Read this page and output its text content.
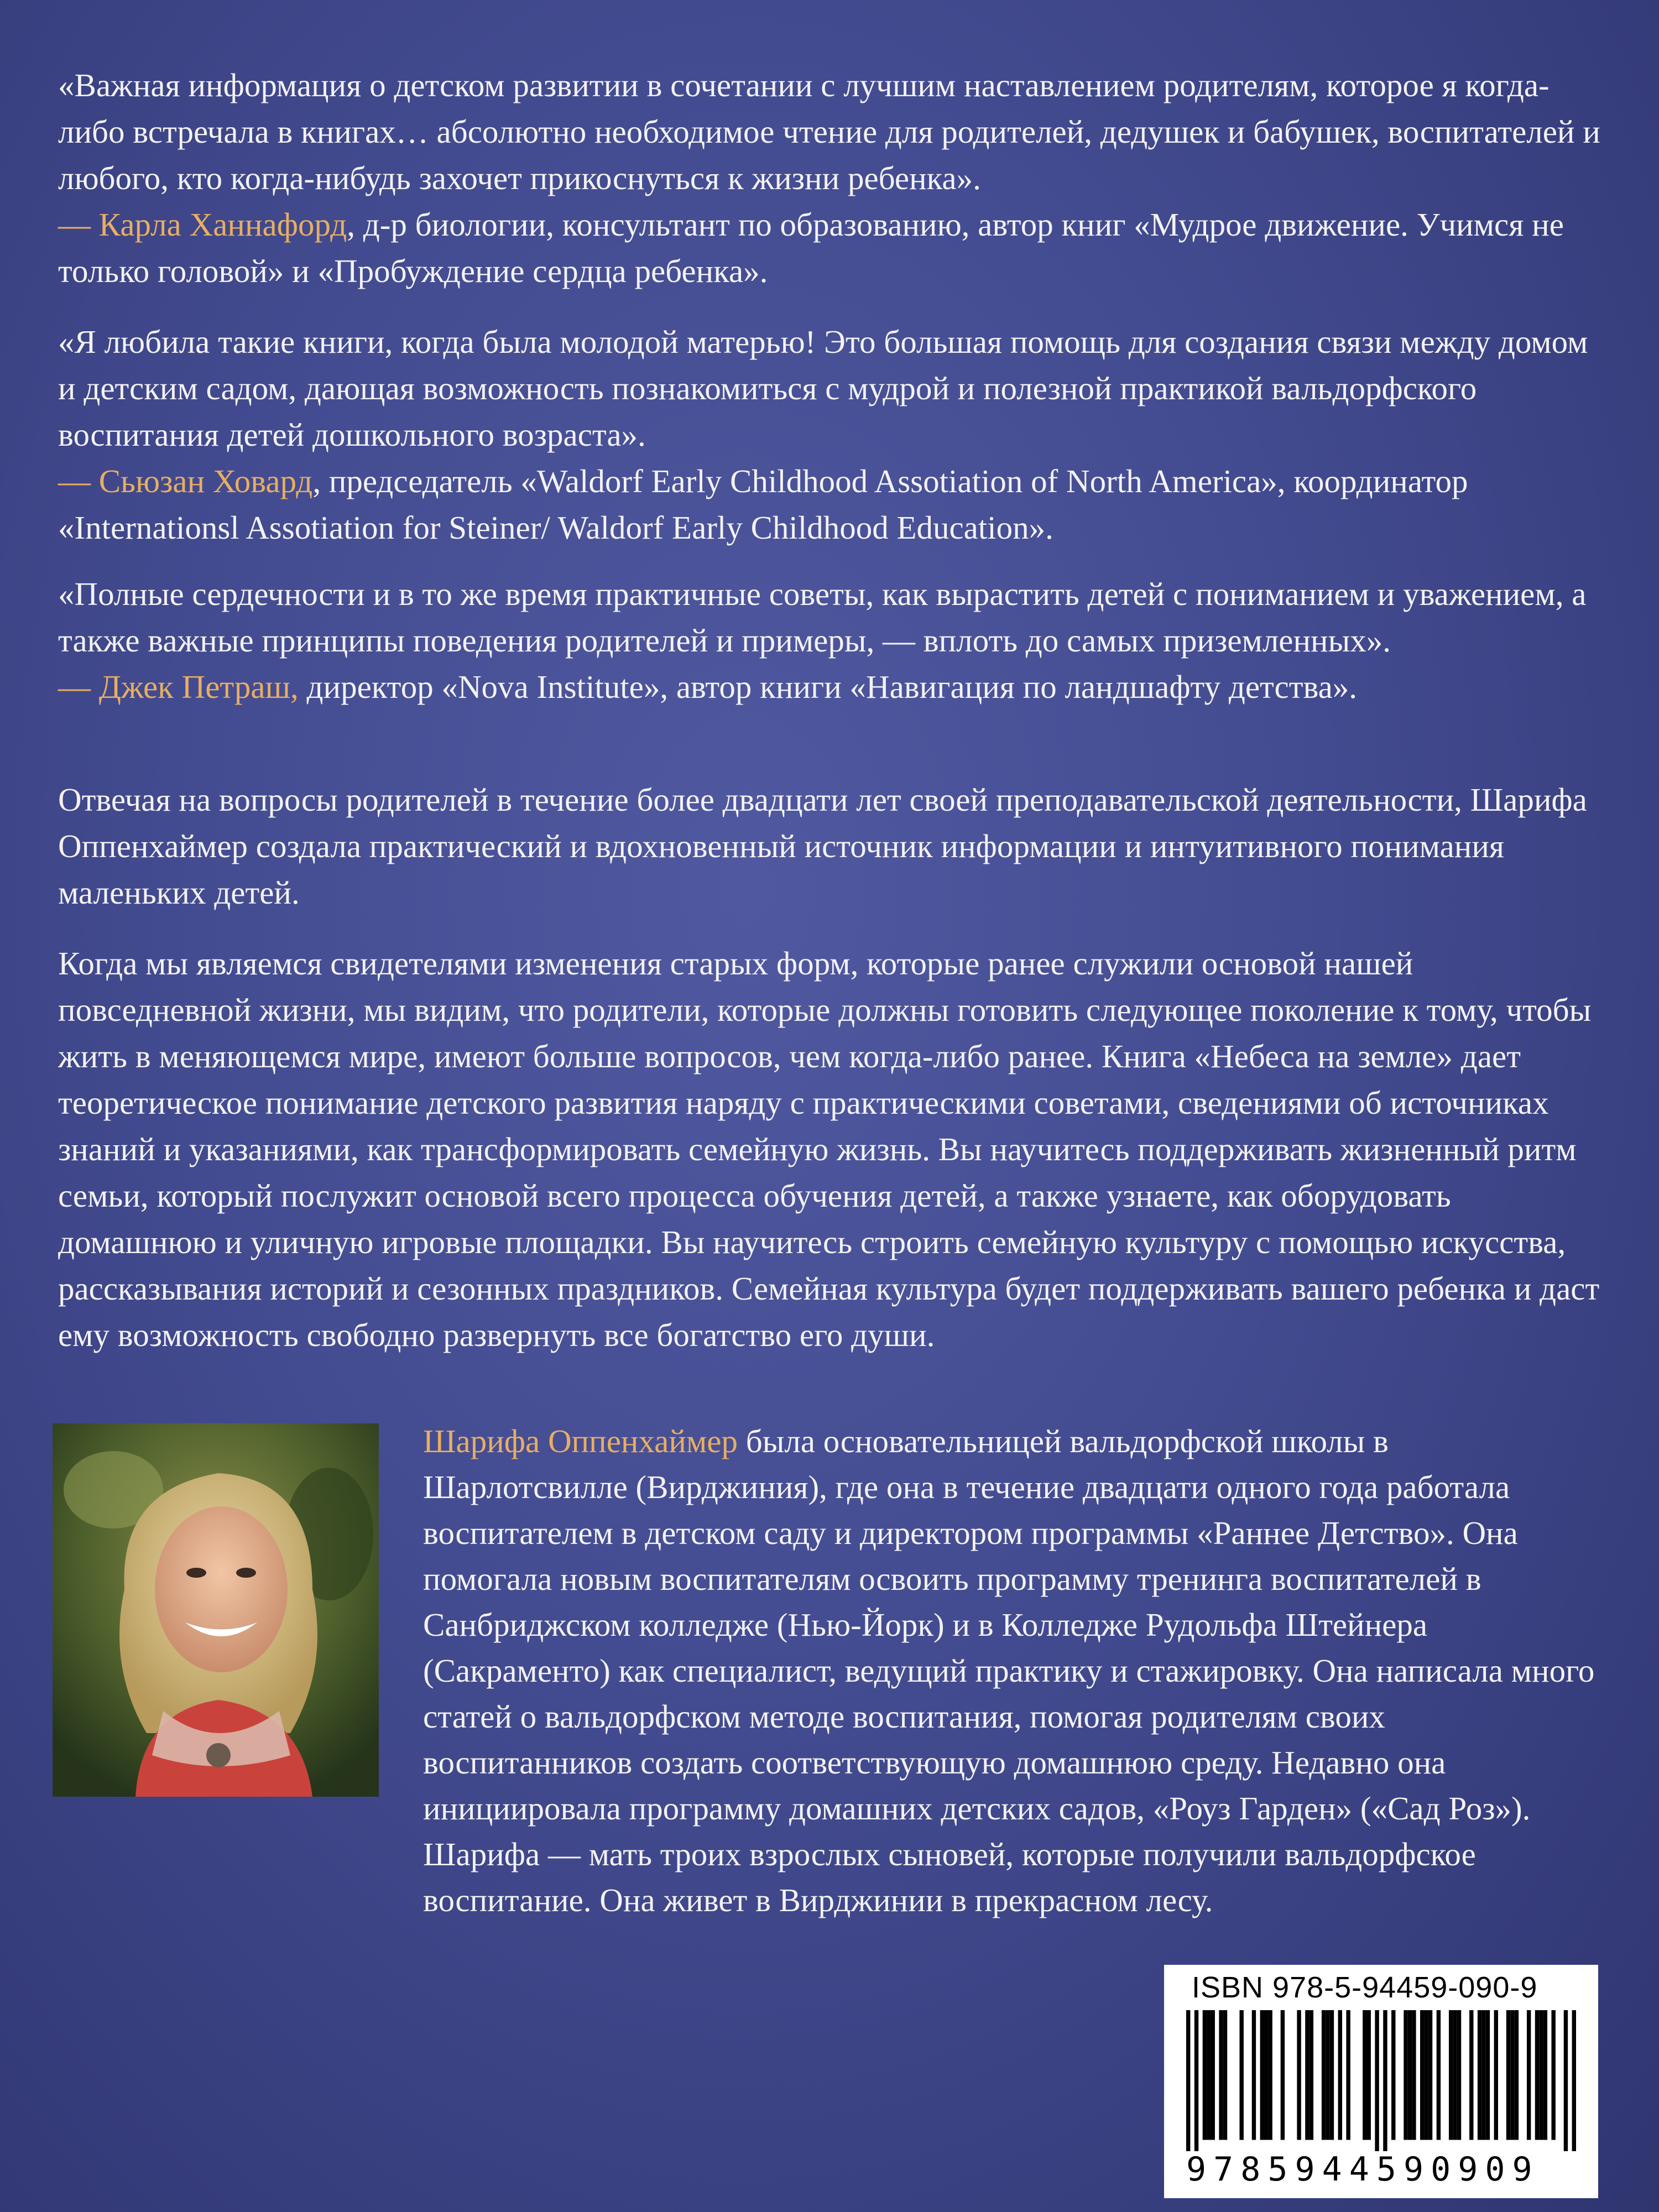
«Важная информация о детском развитии в сочетании с лучшим наставлением родителям, которое я когда-либо встречала в книгах… абсолютно необходимое чтение для родителей, дедушек и бабушек, воспитателей и любого, кто когда-нибудь захочет прикоснуться к жизни ребенка».

— Карла Ханнафорд, д-р биологии, консультант по образованию, автор книг «Мудрое движение. Учимся не только головой» и «Пробуждение сердца ребенка».

«Я любила такие книги, когда была молодой матерью! Это большая помощь для создания связи между домом и детским садом, дающая возможность познакомиться с мудрой и полезной практикой вальдорфского воспитания детей дошкольного возраста».

— Сьюзан Ховард, председатель «Waldorf Early Childhood Assotiation of North America», координатор «Internationsl Assotiation for Steiner/ Waldorf Early Childhood Education».

«Полные сердечности и в то же время практичные советы, как вырастить детей с пониманием и уважением, а также важные принципы поведения родителей и примеры, — вплоть до самых приземленных».

— Джек Петраш, директор «Nova Institute», автор книги «Навигация по ландшафту детства».

Отвечая на вопросы родителей в течение более двадцати лет своей преподавательской деятельности, Шарифа Оппенхаймер создала практический и вдохновенный источник информации и интуитивного понимания маленьких детей.

Когда мы являемся свидетелями изменения старых форм, которые ранее служили основой нашей повседневной жизни, мы видим, что родители, которые должны готовить следующее поколение к тому, чтобы жить в меняющемся мире, имеют больше вопросов, чем когда-либо ранее. Книга «Небеса на земле» дает теоретическое понимание детского развития наряду с практическими советами, сведениями об источниках знаний и указаниями, как трансформировать семейную жизнь. Вы научитесь поддерживать жизненный ритм семьи, который послужит основой всего процесса обучения детей, а также узнаете, как оборудовать домашнюю и уличную игровые площадки. Вы научитесь строить семейную культуру с помощью искусства, рассказывания историй и сезонных праздников. Семейная культура будет поддерживать вашего ребенка и даст ему возможность свободно развернуть все богатство его души.

Шарифа Оппенхаймер была основательницей вальдорфской школы в Шарлотсвилле (Вирджиния), где она в течение двадцати одного года работала воспитателем в детском саду и директором программы «Раннее Детство». Она помогала новым воспитателям освоить программу тренинга воспитателей в Санбриджском колледже (Нью-Йорк) и в Колледже Рудольфа Штейнера (Сакраменто) как специалист, ведущий практику и стажировку. Она написала много статей о вальдорфском методе воспитания, помогая родителям своих воспитанников создать соответствующую домашнюю среду. Недавно она инициировала программу домашних детских садов, «Роуз Гарден» («Сад Роз»). Шарифа — мать троих взрослых сыновей, которые получили вальдорфское воспитание. Она живет в Вирджинии в прекрасном лесу.

ISBN 978-5-94459-090-9
9785944590909
